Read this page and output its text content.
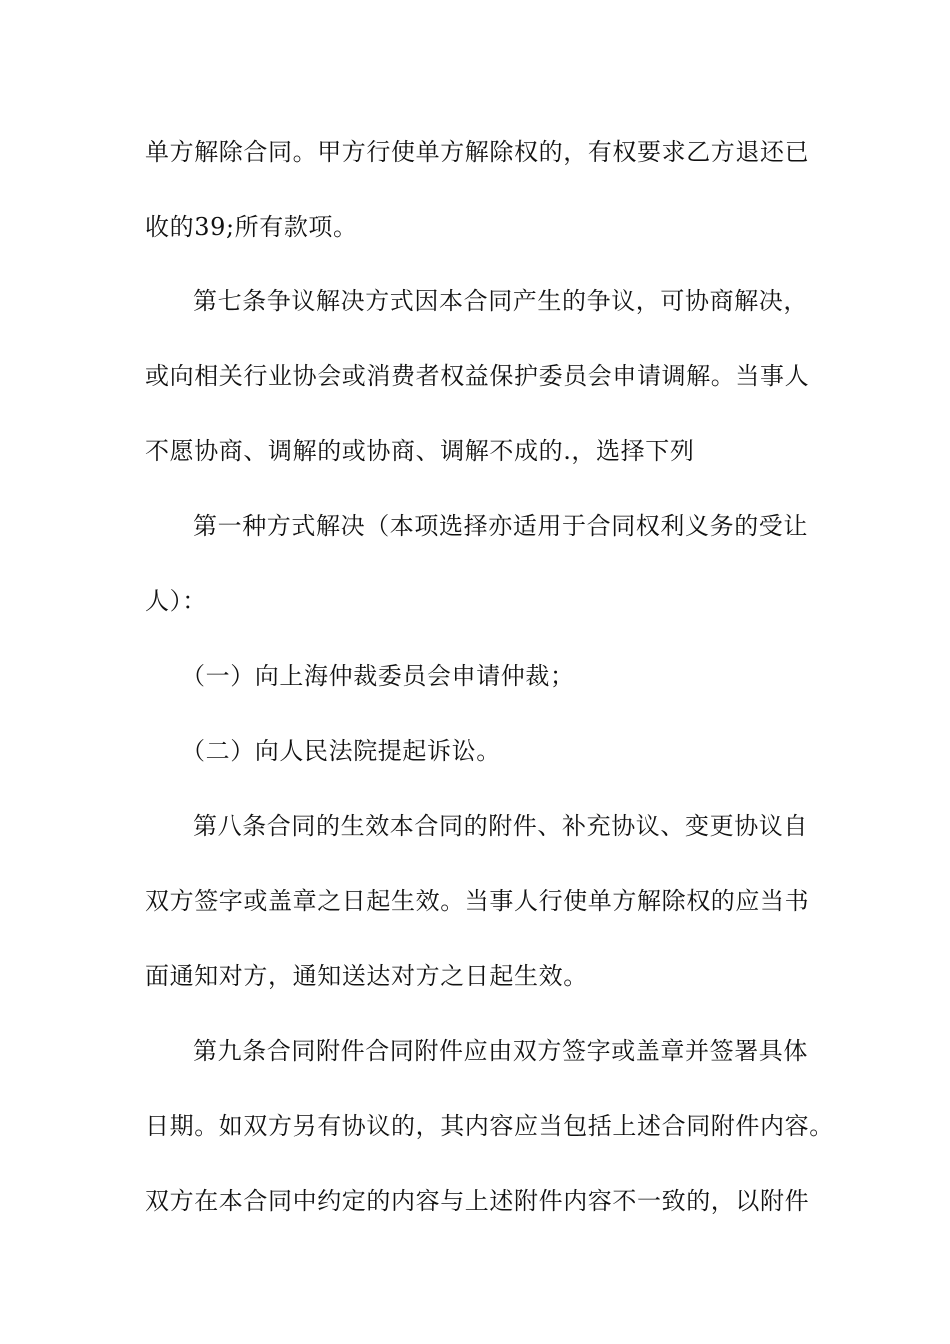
单方解除合同。甲方行使单方解除权的，有权要求乙方退还已
收的39;所有款项。
第七条争议解决方式因本合同产生的争议，可协商解决，
或向相关行业协会或消费者权益保护委员会申请调解。当事人
不愿协商、调解的或协商、调解不成的.，选择下列
第一种方式解决（本项选择亦适用于合同权利义务的受让
人）：
（一）向上海仲裁委员会申请仲裁；
（二）向人民法院提起诉讼。
第八条合同的生效本合同的附件、补充协议、变更协议自
双方签字或盖章之日起生效。当事人行使单方解除权的应当书
面通知对方，通知送达对方之日起生效。
第九条合同附件合同附件应由双方签字或盖章并签署具体
日期。如双方另有协议的，其内容应当包括上述合同附件内容。
双方在本合同中约定的内容与上述附件内容不一致的，以附件
